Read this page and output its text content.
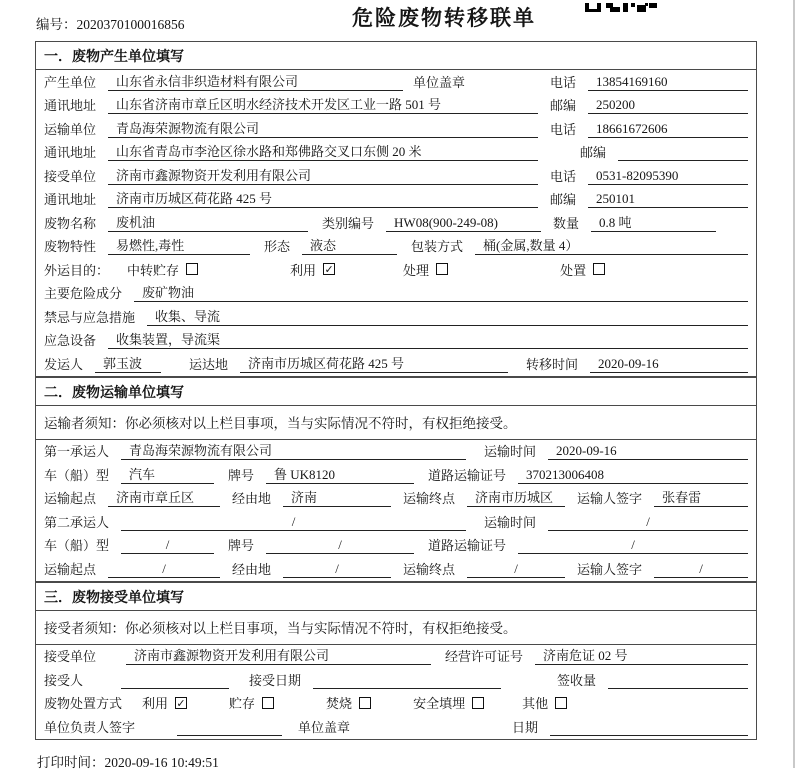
编号：2020370100016856	危险废物转移联单
一．废物产生单位填写
产生单位	山东省永信非织造材料有限公司	单位盖章	电话	13854169160
通讯地址	山东省济南市章丘区明水经济技术开发区工业一路 501 号	邮编	250200
运输单位	青岛海荣源物流有限公司	电话	18661672606
通讯地址	山东省青岛市李沧区徐水路和郑佛路交叉口东侧 20 米	邮编
接受单位	济南市鑫源物资开发利用有限公司	电话	0531-82095390
通讯地址	济南市历城区荷花路 425 号	邮编	250101
废物名称	废机油	类别编号	HW08(900-249-08)	数量	0.8 吨
废物特性	易燃性,毒性	形态	液态	包装方式	桶(金属,数量 4）
外运目的： 中转贮存	利用 ✓	处理	处置
主要危险成分	废矿物油
禁忌与应急措施	收集、导流
应急设备	收集装置，导流渠
发运人	郭玉波	运达地	济南市历城区荷花路 425 号	转移时间	2020-09-16
二．废物运输单位填写
运输者须知：你必须核对以上栏目事项，当与实际情况不符时，有权拒绝接受。
第一承运人	青岛海荣源物流有限公司	运输时间	2020-09-16
车（船）型	汽车	牌号	鲁 UK8120	道路运输证号	370213006408
运输起点	济南市章丘区	经由地	济南	运输终点	济南市历城区	运输人签字	张春雷
第二承运人	/	运输时间	/
车（船）型	/	牌号	/	道路运输证号	/
运输起点	/	经由地	/	运输终点	/	运输人签字	/
三．废物接受单位填写
接受者须知：你必须核对以上栏目事项，当与实际情况不符时，有权拒绝接受。
接受单位	济南市鑫源物资开发利用有限公司	经营许可证号	济南危证 02 号
接受人	接受日期	签收量
废物处置方式 利用 ✓	贮存	焚烧	安全填埋	其他
单位负责人签字	单位盖章	日期
打印时间：2020-09-16 10:49:51
